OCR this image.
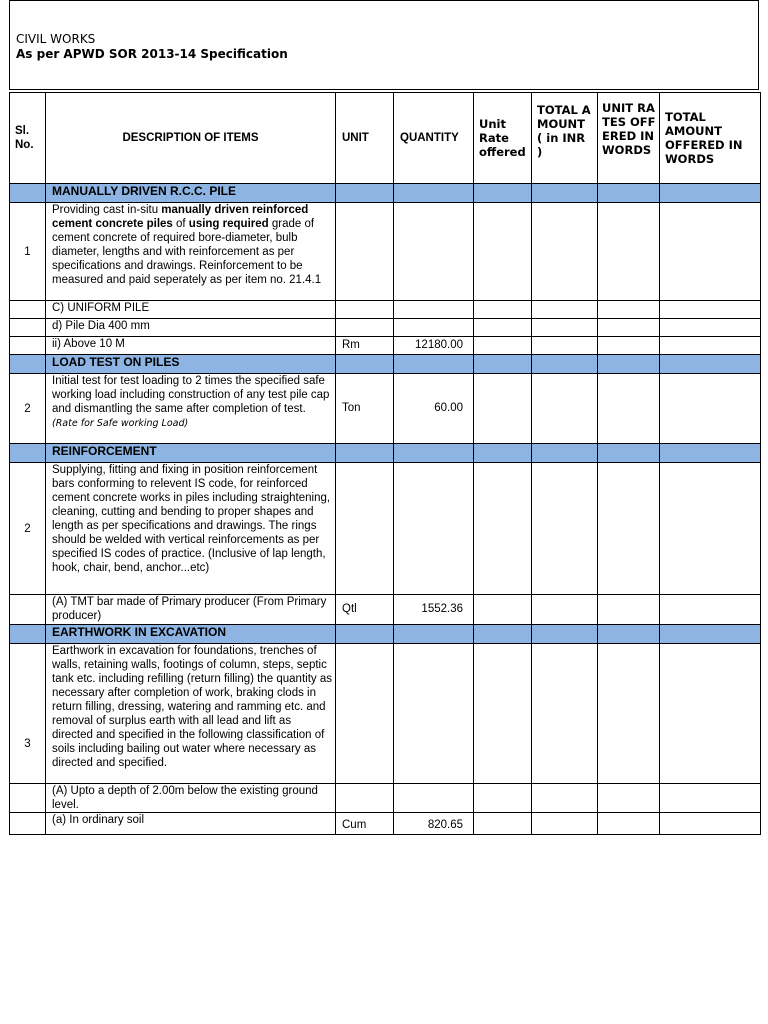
CIVIL WORKS
As per APWD SOR 2013-14 Specification
Sl. No.	DESCRIPTION OF ITEMS	UNIT	QUANTITY	Unit Rate offered	TOTAL AMOUNT ( in INR )	UNIT RATES OFFERED IN WORDS	TOTAL AMOUNT OFFERED IN WORDS
	MANUALLY DRIVEN R.C.C. PILE						
1	Providing cast in-situ manually driven reinforced cement concrete piles of using required grade of cement concrete of required bore-diameter, bulb diameter, lengths and with reinforcement as per specifications and drawings. Reinforcement to be measured and paid seperately as per item no. 21.4.1						
	C) UNIFORM PILE						
	d) Pile Dia 400 mm						
	ii) Above 10 M	Rm	12180.00				
	LOAD TEST ON PILES						
2	Initial test for test loading to 2 times the specified safe working load including construction of any test pile cap and dismantling the same after completion of test. (Rate for Safe working Load)	Ton	60.00				
	REINFORCEMENT						
2	Supplying, fitting and fixing in position reinforcement bars conforming to relevent IS code, for reinforced cement concrete works in piles including straightening, cleaning, cutting and bending to proper shapes and length as per specifications and drawings. The rings should be welded with vertical reinforcements as per specified IS codes of practice. (Inclusive of lap length, hook, chair, bend, anchor...etc)						
	(A) TMT bar made of Primary producer (From Primary producer)	Qtl	1552.36				
	EARTHWORK IN EXCAVATION						
3	Earthwork in excavation for foundations, trenches of walls, retaining walls, footings of column, steps, septic tank etc. including refilling (return filling) the quantity as necessary after completion of work, braking clods in return filling, dressing, watering and ramming etc. and removal of surplus earth with all lead and lift as directed and specified in the following classification of soils including bailing out water where necessary as directed and specified.						
	(A) Upto a depth of 2.00m below the existing ground level.						
	(a) In ordinary soil	Cum	820.65				
